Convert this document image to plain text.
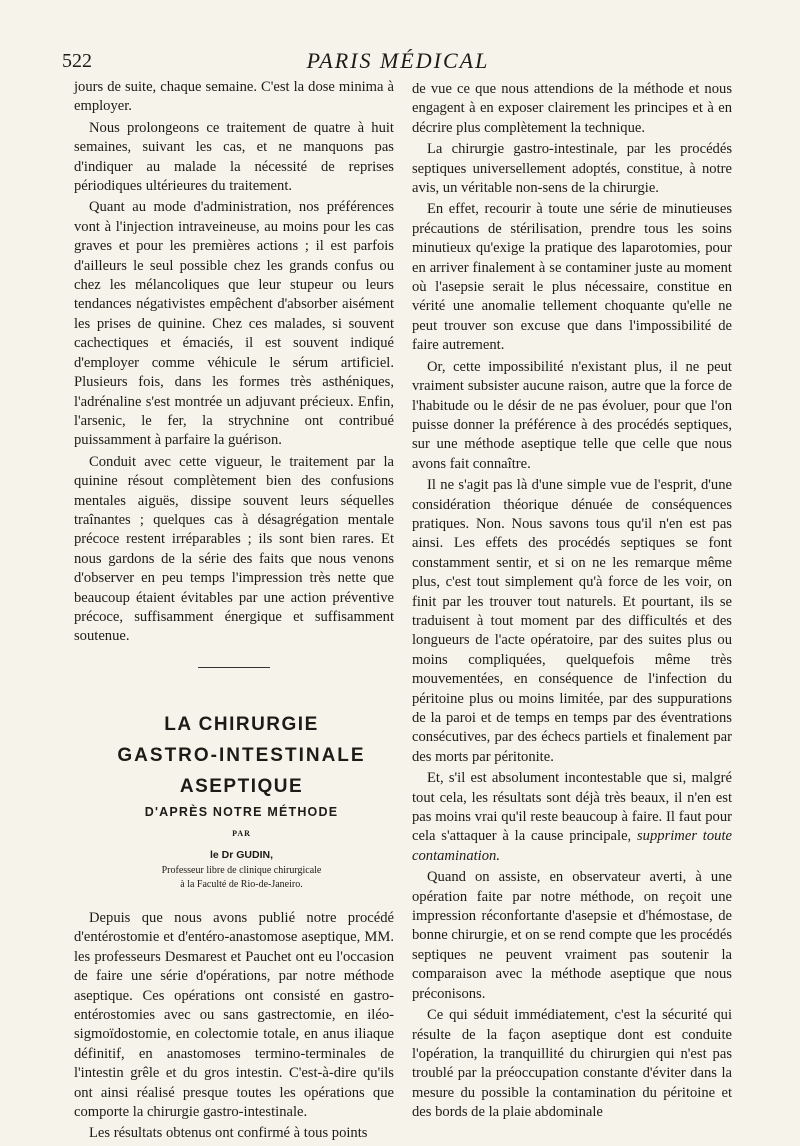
522	PARIS MÉDICAL

jours de suite, chaque semaine. C'est la dose minima à employer.

Nous prolongeons ce traitement de quatre à huit semaines, suivant les cas, et ne manquons pas d'indiquer au malade la nécessité de reprises périodiques ultérieures du traitement.

Quant au mode d'administration, nos préférences vont à l'injection intraveineuse, au moins pour les cas graves et pour les premières actions ; il est parfois d'ailleurs le seul possible chez les grands confus ou chez les mélancoliques que leur stupeur ou leurs tendances négativistes empêchent d'absorber aisément les prises de quinine. Chez ces malades, si souvent cachectiques et émaciés, il est souvent indiqué d'employer comme véhicule le sérum artificiel. Plusieurs fois, dans les formes très asthéniques, l'adrénaline s'est montrée un adjuvant précieux. Enfin, l'arsenic, le fer, la strychnine ont contribué puissamment à parfaire la guérison.

Conduit avec cette vigueur, le traitement par la quinine résout complètement bien des confusions mentales aiguës, dissipe souvent leurs séquelles traînantes ; quelques cas à désagrégation mentale précoce restent irréparables ; ils sont bien rares. Et nous gardons de la série des faits que nous venons d'observer en peu temps l'impression très nette que beaucoup étaient évitables par une action préventive précoce, suffisamment énergique et suffisamment soutenue.

LA CHIRURGIE

GASTRO-INTESTINALE

ASEPTIQUE

D'APRÈS NOTRE MÉTHODE

PAR

le Dr GUDIN,

Professeur libre de clinique chirurgicale

à la Faculté de Rio-de-Janeiro.

Depuis que nous avons publié notre procédé d'entérostomie et d'entéro-anastomose aseptique, MM. les professeurs Desmarest et Pauchet ont eu l'occasion de faire une série d'opérations, par notre méthode aseptique. Ces opérations ont consisté en gastro-entérostomies avec ou sans gastrectomie, en iléo-sigmoïdostomie, en colectomie totale, en anus iliaque définitif, en anastomoses termino-terminales de l'intestin grêle et du gros intestin. C'est-à-dire qu'ils ont ainsi réalisé presque toutes les opérations que comporte la chirurgie gastro-intestinale.

Les résultats obtenus ont confirmé à tous points

de vue ce que nous attendions de la méthode et nous engagent à en exposer clairement les principes et à en décrire plus complètement la technique.

La chirurgie gastro-intestinale, par les procédés septiques universellement adoptés, constitue, à notre avis, un véritable non-sens de la chirurgie.

En effet, recourir à toute une série de minutieuses précautions de stérilisation, prendre tous les soins minutieux qu'exige la pratique des laparotomies, pour en arriver finalement à se contaminer juste au moment où l'asepsie serait le plus nécessaire, constitue en vérité une anomalie tellement choquante qu'elle ne peut trouver son excuse que dans l'impossibilité de faire autrement.

Or, cette impossibilité n'existant plus, il ne peut vraiment subsister aucune raison, autre que la force de l'habitude ou le désir de ne pas évoluer, pour que l'on puisse donner la préférence à des procédés septiques, sur une méthode aseptique telle que celle que nous avons fait connaître.

Il ne s'agit pas là d'une simple vue de l'esprit, d'une considération théorique dénuée de conséquences pratiques. Non. Nous savons tous qu'il n'en est pas ainsi. Les effets des procédés septiques se font constamment sentir, et si on ne les remarque même plus, c'est tout simplement qu'à force de les voir, on finit par les trouver tout naturels. Et pourtant, ils se traduisent à tout moment par des difficultés et des longueurs de l'acte opératoire, par des suites plus ou moins compliquées, quelquefois même très mouvementées, en conséquence de l'infection du péritoine plus ou moins limitée, par des suppurations de la paroi et de temps en temps par des éventrations consécutives, par des échecs partiels et finalement par des morts par péritonite.

Et, s'il est absolument incontestable que si, malgré tout cela, les résultats sont déjà très beaux, il n'en est pas moins vrai qu'il reste beaucoup à faire. Il faut pour cela s'attaquer à la cause principale, supprimer toute contamination.

Quand on assiste, en observateur averti, à une opération faite par notre méthode, on reçoit une impression réconfortante d'asepsie et d'hémostase, de bonne chirurgie, et on se rend compte que les procédés septiques ne peuvent vraiment pas soutenir la comparaison avec la méthode aseptique que nous préconisons.

Ce qui séduit immédiatement, c'est la sécurité qui résulte de la façon aseptique dont est conduite l'opération, la tranquillité du chirurgien qui n'est pas troublé par la préoccupation constante d'éviter dans la mesure du possible la contamination du péritoine et des bords de la plaie abdominale
